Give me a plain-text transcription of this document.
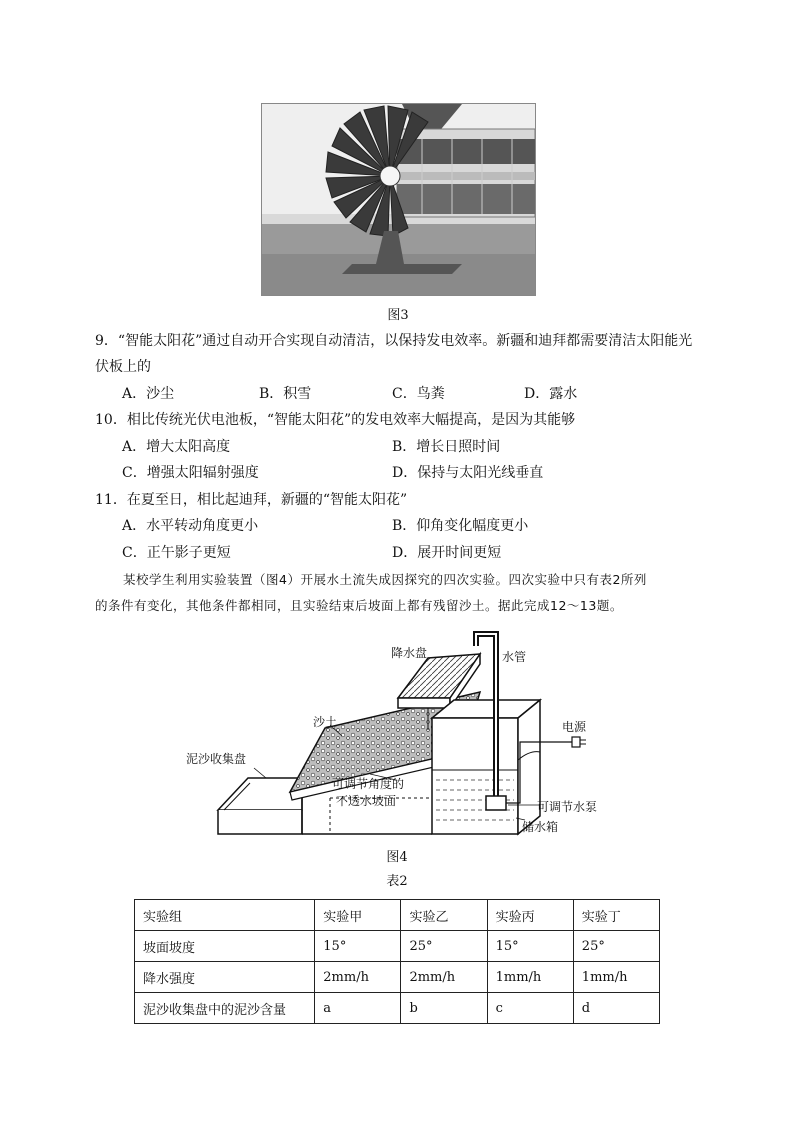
图3
9．“智能太阳花”通过自动开合实现自动清洁，以保持发电效率。新疆和迪拜都需要清洁太阳能光
伏板上的
A．沙尘	B．积雪	C．鸟粪	D．露水
10．相比传统光伏电池板，“智能太阳花”的发电效率大幅提高，是因为其能够
A．增大太阳高度	B．增长日照时间
C．增强太阳辐射强度	D．保持与太阳光线垂直
11．在夏至日，相比起迪拜，新疆的“智能太阳花”
A．水平转动角度更小	B．仰角变化幅度更小
C．正午影子更短	D．展开时间更短
某校学生利用实验装置（图4）开展水土流失成因探究的四次实验。四次实验中只有表2所列
的条件有变化，其他条件都相同，且实验结束后坡面上都有残留沙土。据此完成12～13题。
降水盘	水管
沙土	电源
泥沙收集盘
可调节角度的
不透水坡面	可调节水泵
储水箱
图4
表2
实验组	实验甲	实验乙	实验丙	实验丁
坡面坡度	15°	25°	15°	25°
降水强度	2mm/h	2mm/h	1mm/h	1mm/h
泥沙收集盘中的泥沙含量	a	b	c	d
